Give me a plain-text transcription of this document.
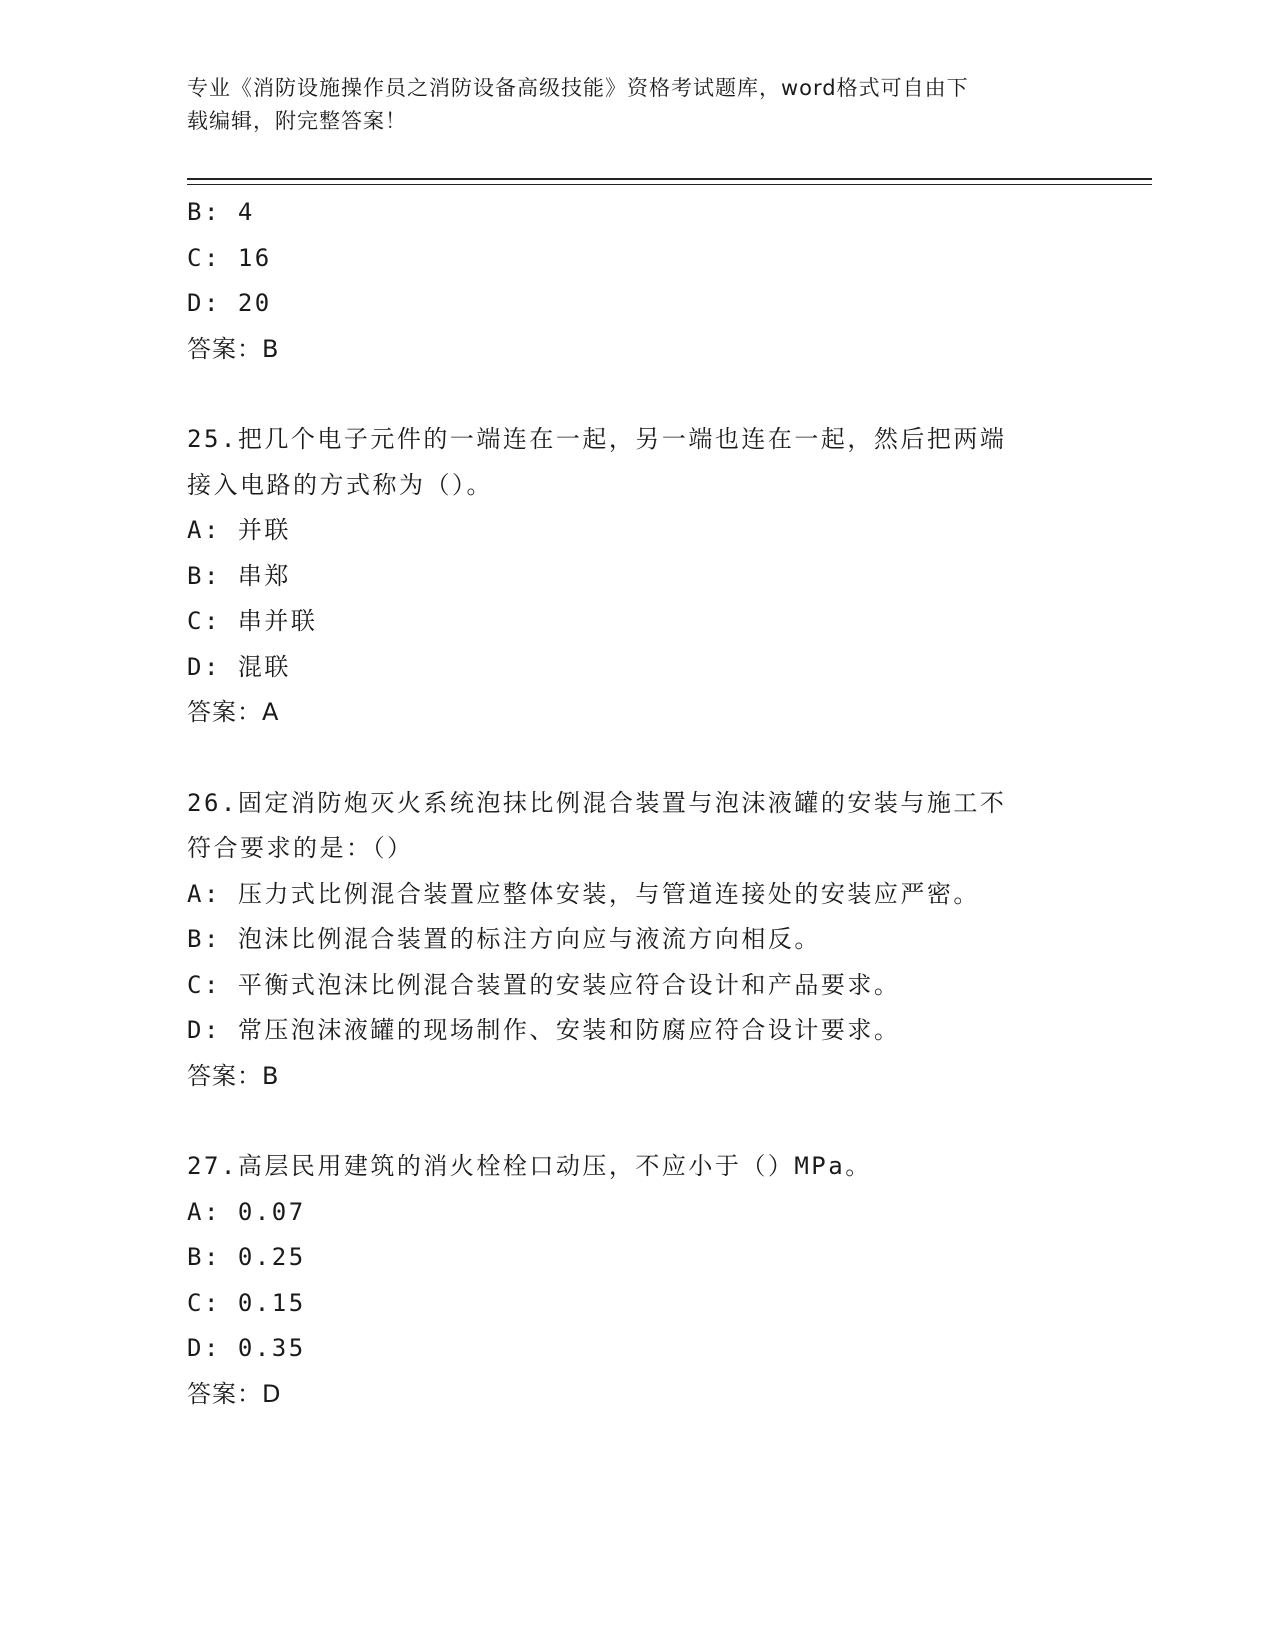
专业《消防设施操作员之消防设备高级技能》资格考试题库，word格式可自由下
载编辑，附完整答案！
B: 4
C: 16
D: 20
答案：B
25.把几个电子元件的一端连在一起，另一端也连在一起，然后把两端
接入电路的方式称为（）。
A: 并联
B: 串郑
C: 串并联
D: 混联
答案：A
26.固定消防炮灭火系统泡抹比例混合装置与泡沫液罐的安装与施工不
符合要求的是：（）
A: 压力式比例混合装置应整体安装，与管道连接处的安装应严密。
B: 泡沫比例混合装置的标注方向应与液流方向相反。
C: 平衡式泡沫比例混合装置的安装应符合设计和产品要求。
D: 常压泡沫液罐的现场制作、安装和防腐应符合设计要求。
答案：B
27.高层民用建筑的消火栓栓口动压，不应小于（）MPa。
A: 0.07
B: 0.25
C: 0.15
D: 0.35
答案：D
